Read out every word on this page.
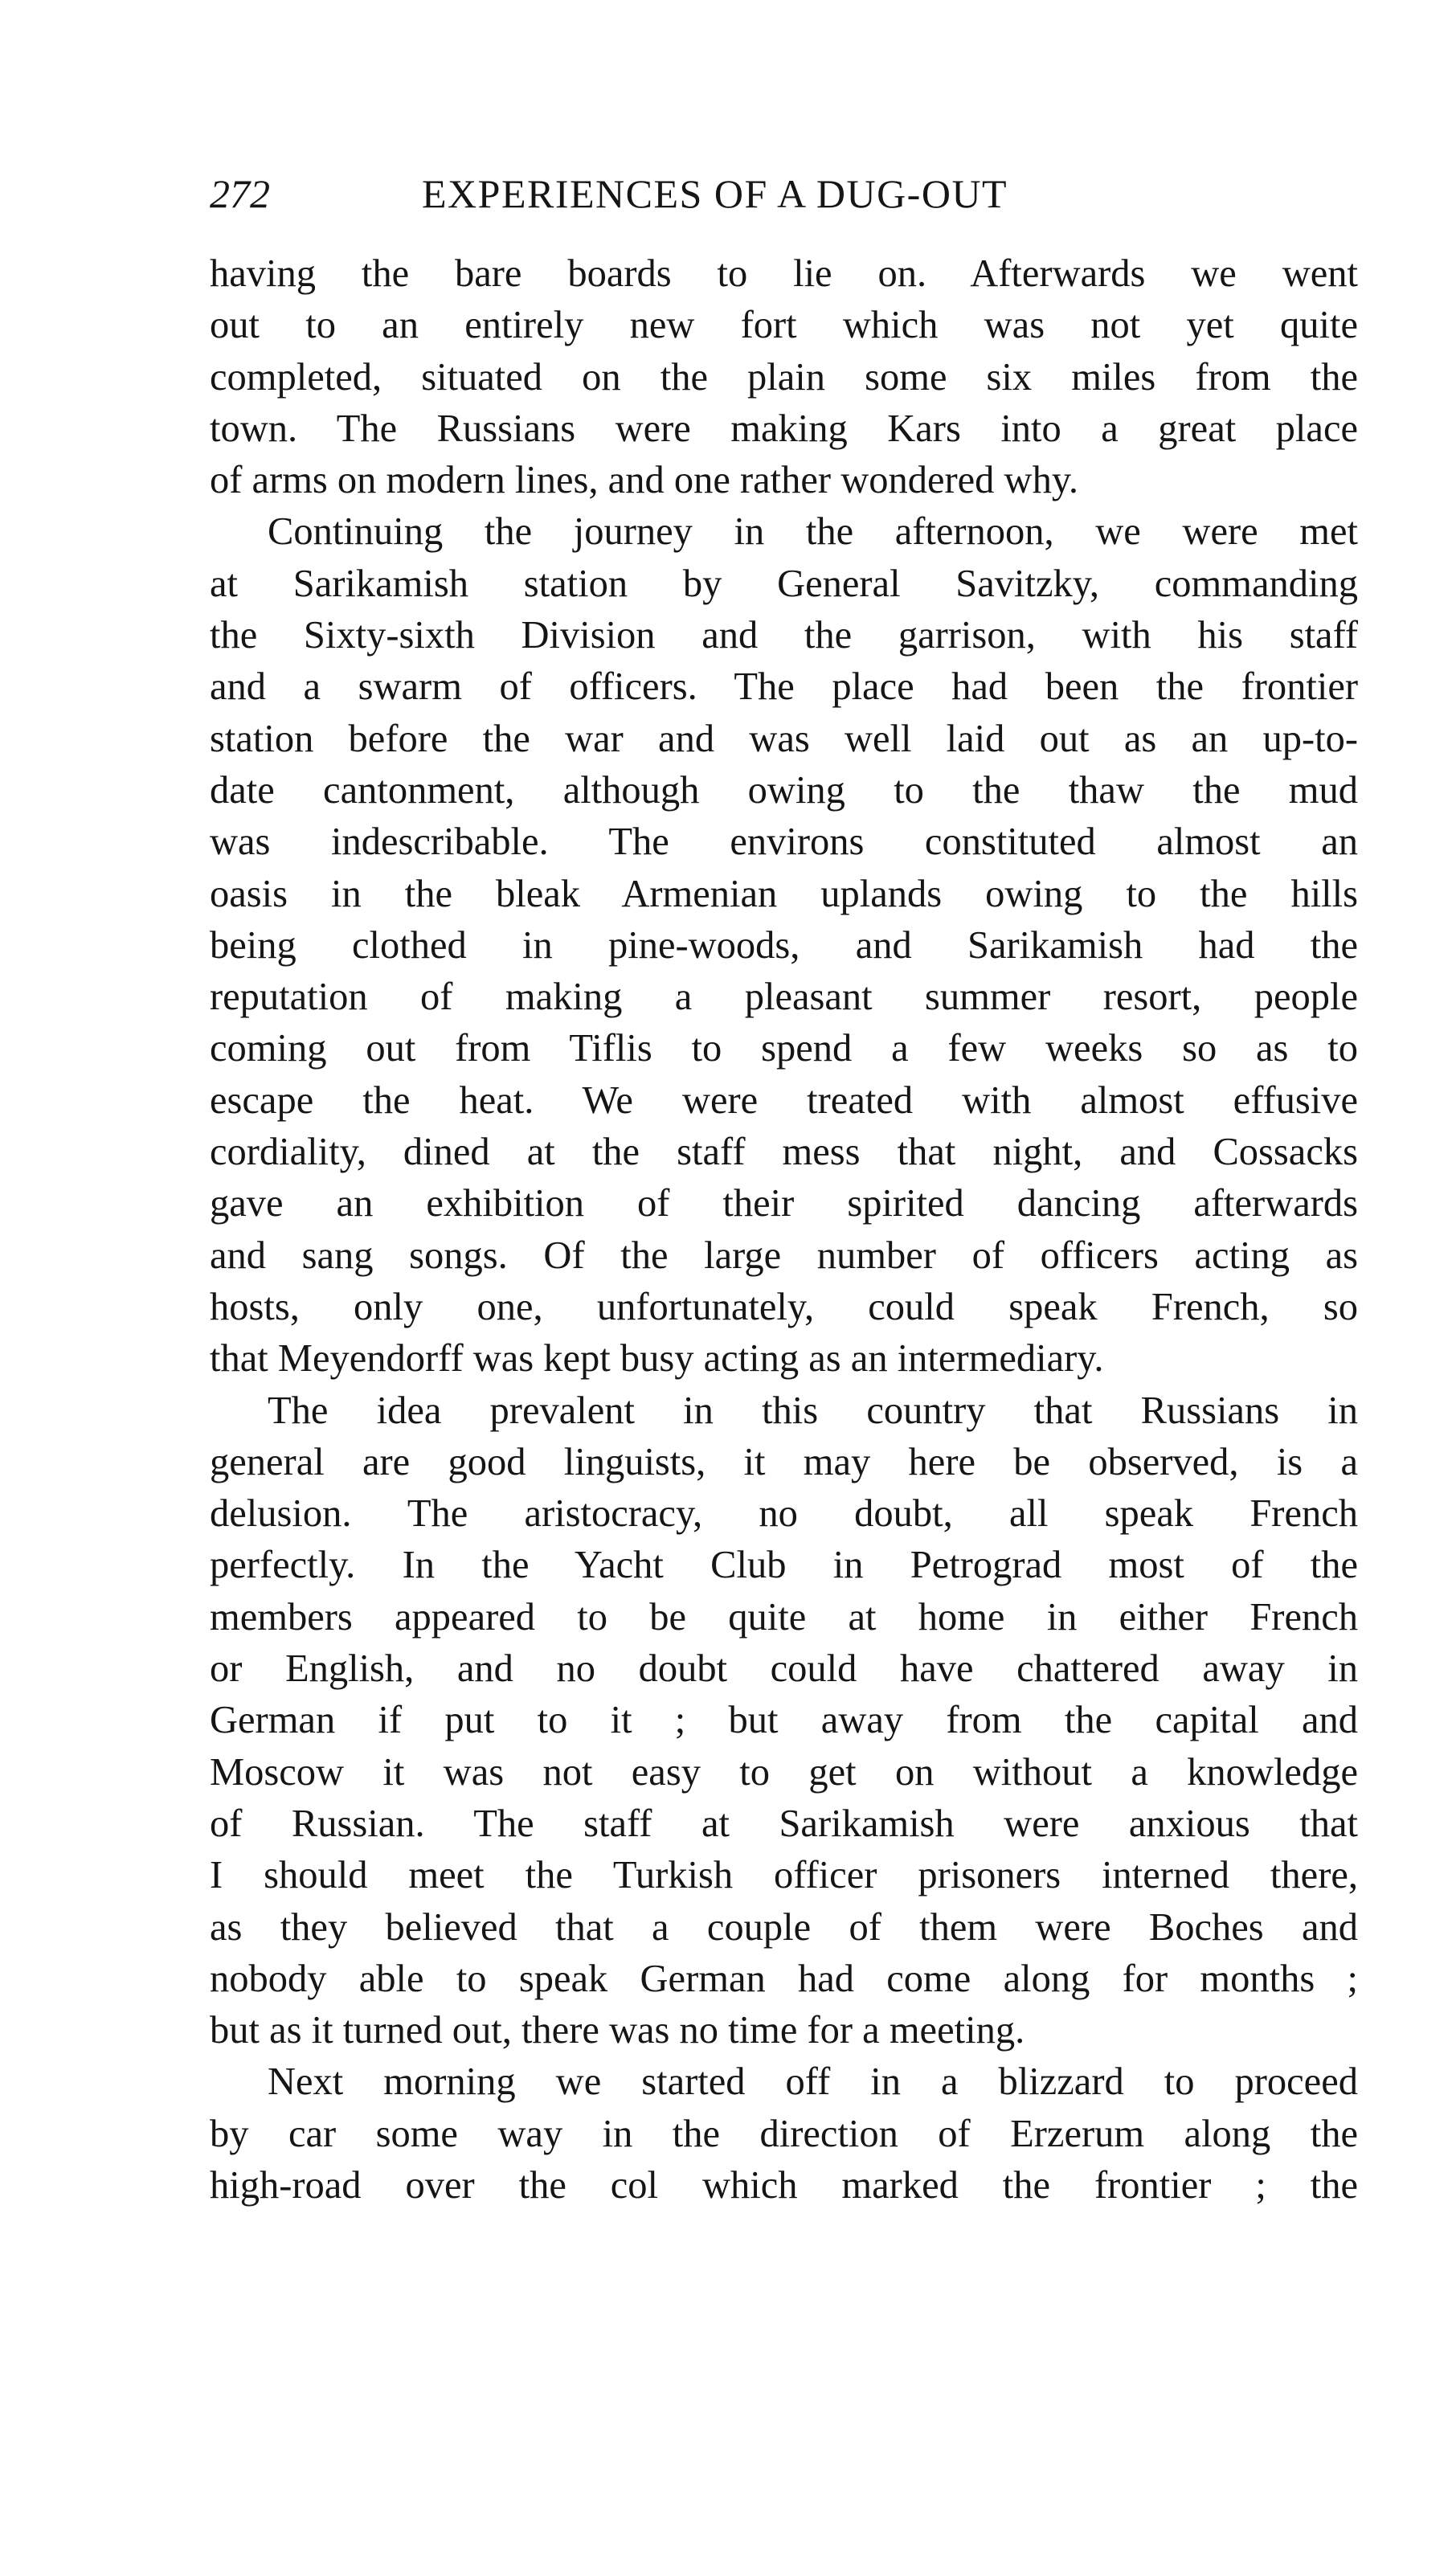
272	EXPERIENCES OF A DUG-OUT
having the bare boards to lie on. Afterwards we went
out to an entirely new fort which was not yet quite
completed, situated on the plain some six miles from the
town. The Russians were making Kars into a great place
of arms on modern lines, and one rather wondered why.
Continuing the journey in the afternoon, we were met
at Sarikamish station by General Savitzky, commanding
the Sixty-sixth Division and the garrison, with his staff
and a swarm of officers. The place had been the frontier
station before the war and was well laid out as an up-to-
date cantonment, although owing to the thaw the mud
was indescribable. The environs constituted almost an
oasis in the bleak Armenian uplands owing to the hills
being clothed in pine-woods, and Sarikamish had the
reputation of making a pleasant summer resort, people
coming out from Tiflis to spend a few weeks so as to
escape the heat. We were treated with almost effusive
cordiality, dined at the staff mess that night, and Cossacks
gave an exhibition of their spirited dancing afterwards
and sang songs. Of the large number of officers acting as
hosts, only one, unfortunately, could speak French, so
that Meyendorff was kept busy acting as an intermediary.
The idea prevalent in this country that Russians in
general are good linguists, it may here be observed, is a
delusion. The aristocracy, no doubt, all speak French
perfectly. In the Yacht Club in Petrograd most of the
members appeared to be quite at home in either French
or English, and no doubt could have chattered away in
German if put to it ; but away from the capital and
Moscow it was not easy to get on without a knowledge
of Russian. The staff at Sarikamish were anxious that
I should meet the Turkish officer prisoners interned there,
as they believed that a couple of them were Boches and
nobody able to speak German had come along for months ;
but as it turned out, there was no time for a meeting.
Next morning we started off in a blizzard to proceed
by car some way in the direction of Erzerum along the
high-road over the col which marked the frontier ; the
